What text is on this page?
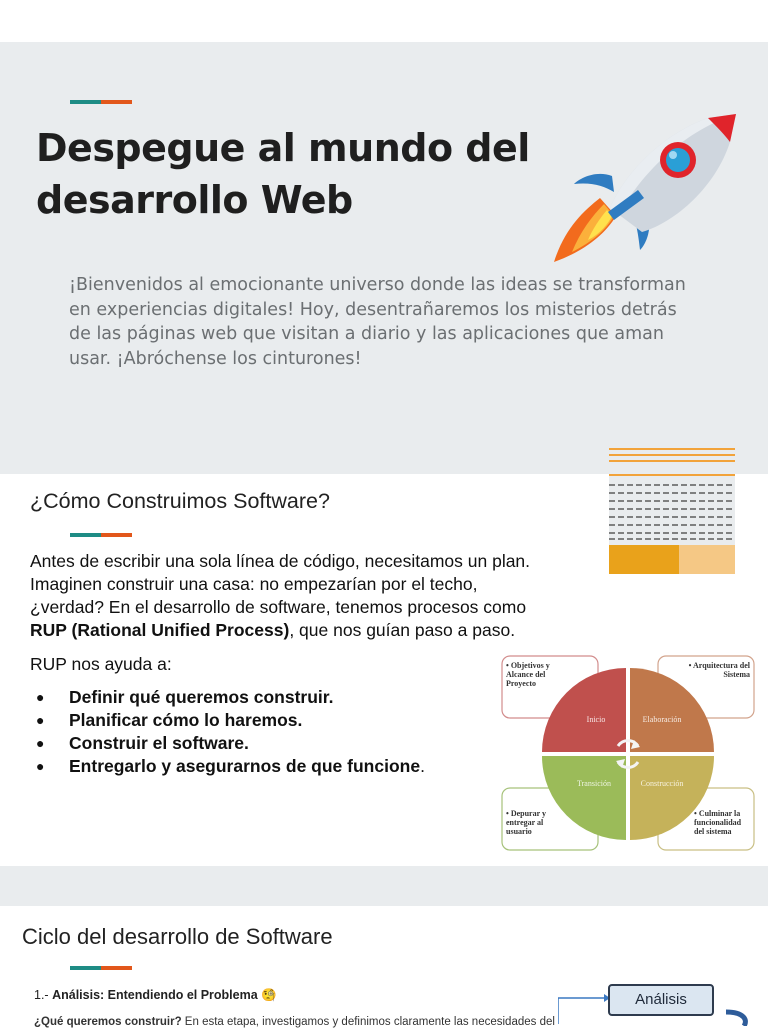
Despegue al mundo del desarrollo Web

¡Bienvenidos al emocionante universo donde las ideas se transforman en experiencias digitales! Hoy, desentrañaremos los misterios detrás de las páginas web que visitan a diario y las aplicaciones que aman usar. ¡Abróchense los cinturones!

¿Cómo Construimos Software?

Antes de escribir una sola línea de código, necesitamos un plan. Imaginen construir una casa: no empezarían por el techo, ¿verdad? En el desarrollo de software, tenemos procesos como RUP (Rational Unified Process), que nos guían paso a paso.

RUP nos ayuda a:

● Definir qué queremos construir.
● Planificar cómo lo haremos.
● Construir el software.
● Entregarlo y asegurarnos de que funcione.
Inicio	Elaboración
Transición	Construcción
• Objetivos y Alcance del Proyecto
• Arquitectura del Sistema
• Depurar y entregar al usuario
• Culminar la funcionalidad del sistema
Ciclo del desarrollo de Software
1.- Análisis: Entendiendo el Problema 🧐
¿Qué queremos construir? En esta etapa, investigamos y definimos claramente las necesidades del
Análisis
